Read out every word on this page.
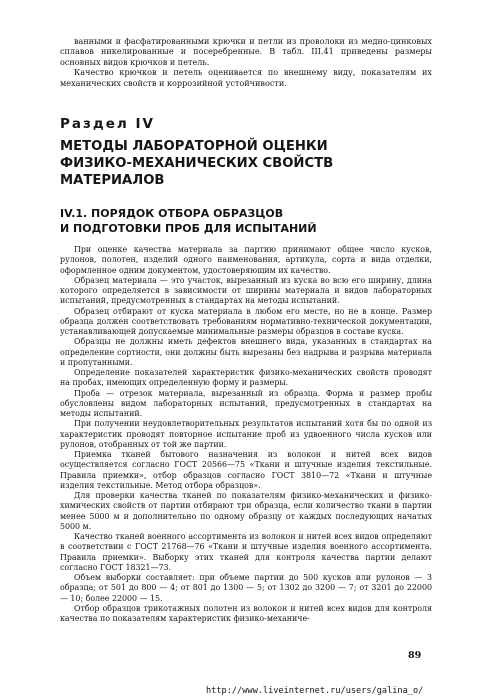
ванными и фасфатированными крючки и петли из проволоки из медно-цинковых сплавов никелированные и посеребренные. В табл. III.41 приведены размеры основных видов крючков и петель.

Качество крючков и петель оценивается по внешнему виду, показателям их механических свойств и коррозийной устойчивости.

Раздел IV
МЕТОДЫ ЛАБОРАТОРНОЙ ОЦЕНКИ
ФИЗИКО-МЕХАНИЧЕСКИХ СВОЙСТВ
МАТЕРИАЛОВ
IV.1. ПОРЯДОК ОТБОРА ОБРАЗЦОВ
И ПОДГОТОВКИ ПРОБ ДЛЯ ИСПЫТАНИЙ

При оценке качества материала за партию принимают общее число кусков, рулонов, полотен, изделий одного наименования, артикула, сорта и вида отделки, оформленное одним документом, удостоверяющим их качество.

Образец материала — это участок, вырезанный из куска во всю его ширину, длина которого определяется в зависимости от ширины материала и видов лабораторных испытаний, предусмотренных в стандартах на методы испытаний.

Образец отбирают от куска материала в любом его месте, но не в конце. Размер образца должен соответствовать требованиям нормативно-технической документации, устанавливающей допускаемые минимальные размеры образцов в составе куска.

Образцы не должны иметь дефектов внешнего вида, указанных в стандартах на определение сортности, они должны быть вырезаны без надрыва и разрыва материала и пропутанными.

Определение показателей характеристик физико-механических свойств проводят на пробах, имеющих определенную форму и размеры.

Проба — отрезок материала, вырезанный из образца. Форма и размер пробы обусловлены видом лабораторных испытаний, предусмотренных в стандартах на методы испытаний.

При получении неудовлетворительных результатов испытаний хотя бы по одной из характеристик проводят повторное испытание проб из удвоенного числа кусков или рулонов, отобранных от той же партии.

Приемка тканей бытового назначения из волокон и нитей всех видов осуществляется согласно ГОСТ 20566—75 «Ткани и штучные изделия текстильные. Правила приемки», отбор образцов согласно ГОСТ 3810—72 «Ткани и штучные изделия текстильные. Метод отбора образцов».

Для проверки качества тканей по показателям физико-механических и физико-химических свойств от партии отбирают три образца, если количество ткани в партии менее 5000 м и дополнительно по одному образцу от каждых последующих начатых 5000 м.

Качество тканей военного ассортимента из волокон и нитей всех видов определяют в соответствии с ГОСТ 21768—76 «Ткани и штучные изделия военного ассортимента. Правила приемки». Выборку этих тканей для контроля качества партии делают согласно ГОСТ 18321—73.

Объем выборки составляет: при объеме партии до 500 кусков или рулонов — 3 образца; от 501 до 800 — 4; от 801 до 1300 — 5; от 1302 до 3200 — 7; от 3201 до 22000 — 10; более 22000 — 15.

Отбор образцов трикотажных полотен из волокон и нитей всех видов для контроля качества по показателям характеристик физико-механиче-

89
http://www.liveinternet.ru/users/galina_o/
